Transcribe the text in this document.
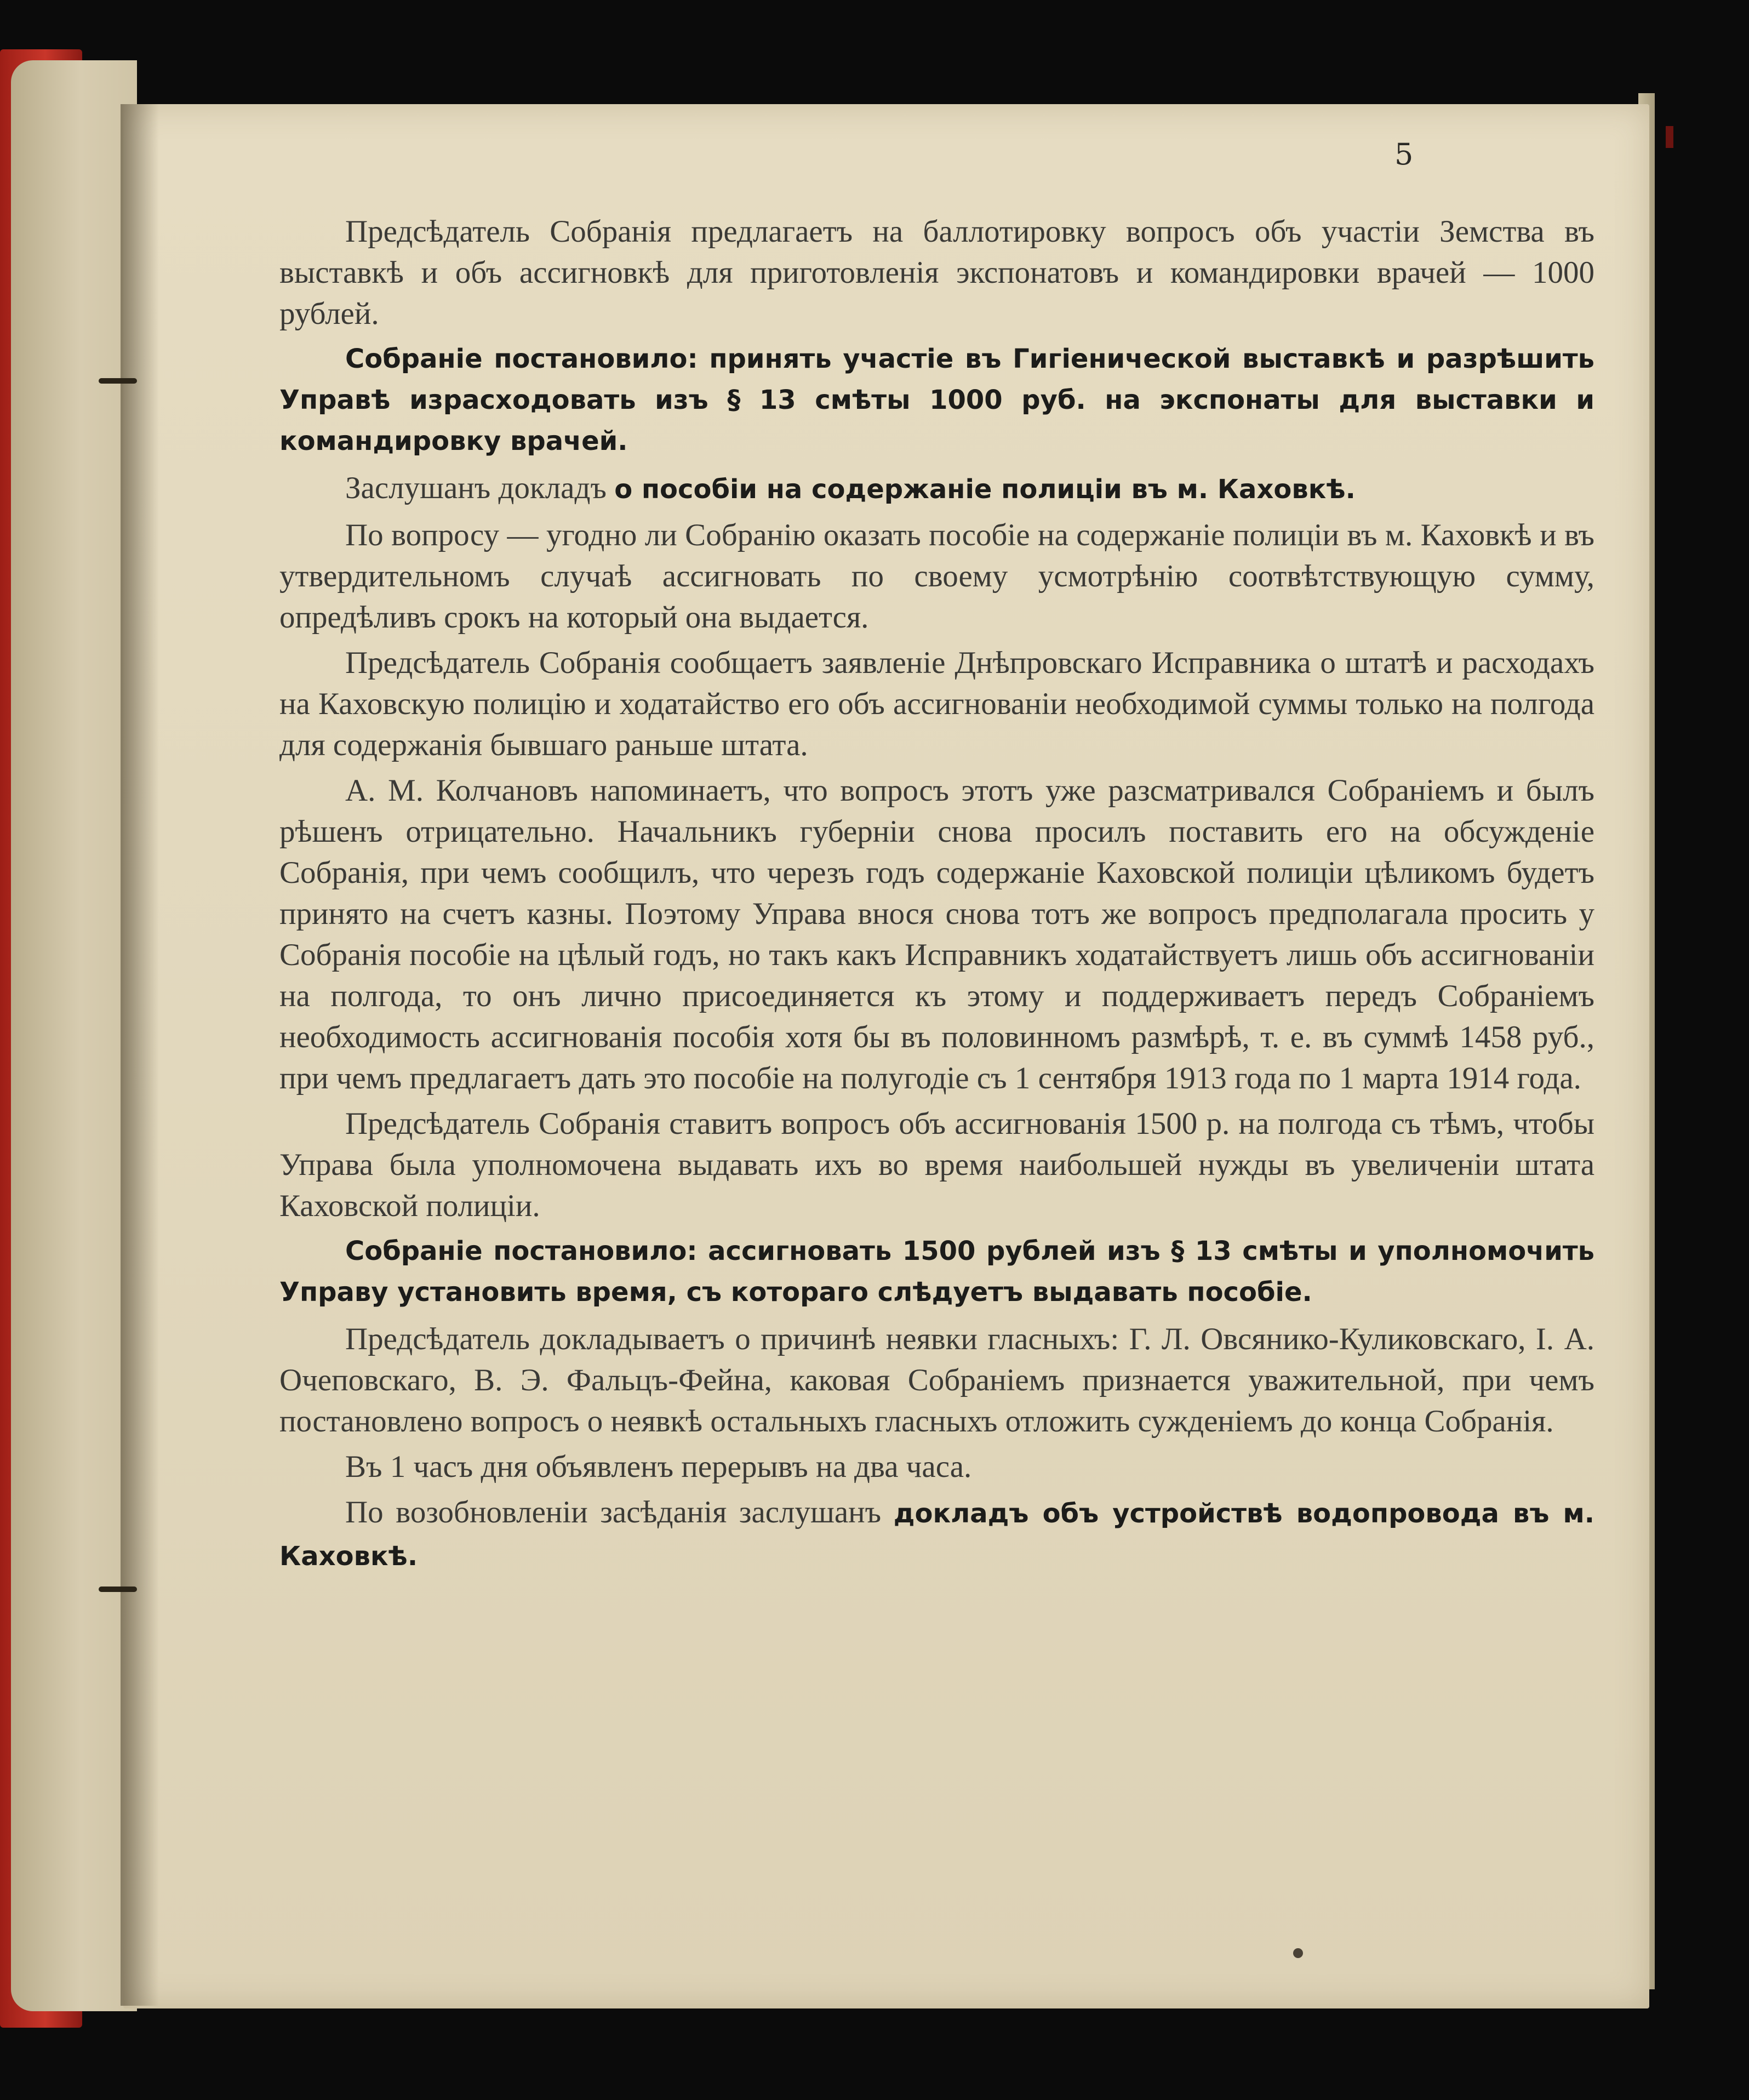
5

Предсѣдатель Собранія предлагаетъ на баллотировку вопросъ объ участіи Земства въ выставкѣ и объ ассигновкѣ для приготовленія экспонатовъ и командировки врачей — 1000 рублей.

Собраніе постановило: принять участіе въ Гигіенической выставкѣ и разрѣшить Управѣ израсходовать изъ § 13 смѣты 1000 руб. на экспонаты для выставки и командировку врачей.

Заслушанъ докладъ о пособіи на содержаніе полиціи въ м. Каховкѣ.

По вопросу — угодно ли Собранію оказать пособіе на содержаніе полиціи въ м. Каховкѣ и въ утвердительномъ случаѣ ассигновать по своему усмотрѣнію соотвѣтствующую сумму, опредѣливъ срокъ на который она выдается.

Предсѣдатель Собранія сообщаетъ заявленіе Днѣпровскаго Исправника о штатѣ и расходахъ на Каховскую полицію и ходатайство его объ ассигнованіи необходимой суммы только на полгода для содержанія бывшаго раньше штата.

А. М. Колчановъ напоминаетъ, что вопросъ этотъ уже разсматривался Собраніемъ и былъ рѣшенъ отрицательно. Начальникъ губерніи снова просилъ поставить его на обсужденіе Собранія, при чемъ сообщилъ, что черезъ годъ содержаніе Каховской полиціи цѣликомъ будетъ принято на счетъ казны. Поэтому Управа внося снова тотъ же вопросъ предполагала просить у Собранія пособіе на цѣлый годъ, но такъ какъ Исправникъ ходатайствуетъ лишь объ ассигнованіи на полгода, то онъ лично присоединяется къ этому и поддерживаетъ передъ Собраніемъ необходимость ассигнованія пособія хотя бы въ половинномъ размѣрѣ, т. е. въ суммѣ 1458 руб., при чемъ предлагаетъ дать это пособіе на полугодіе съ 1 сентября 1913 года по 1 марта 1914 года.

Предсѣдатель Собранія ставитъ вопросъ объ ассигнованія 1500 р. на полгода съ тѣмъ, чтобы Управа была уполномочена выдавать ихъ во время наибольшей нужды въ увеличеніи штата Каховской полиціи.

Собраніе постановило: ассигновать 1500 рублей изъ § 13 смѣты и уполномочить Управу установить время, съ котораго слѣдуетъ выдавать пособіе.

Предсѣдатель докладываетъ о причинѣ неявки гласныхъ: Г. Л. Овсянико-Куликовскаго, І. А. Очеповскаго, В. Э. Фальцъ-Фейна, каковая Собраніемъ признается уважительной, при чемъ постановлено вопросъ о неявкѣ остальныхъ гласныхъ отложить сужденіемъ до конца Собранія.

Въ 1 часъ дня объявленъ перерывъ на два часа.

По возобновленіи засѣданія заслушанъ докладъ объ устройствѣ водопровода въ м. Каховкѣ.
